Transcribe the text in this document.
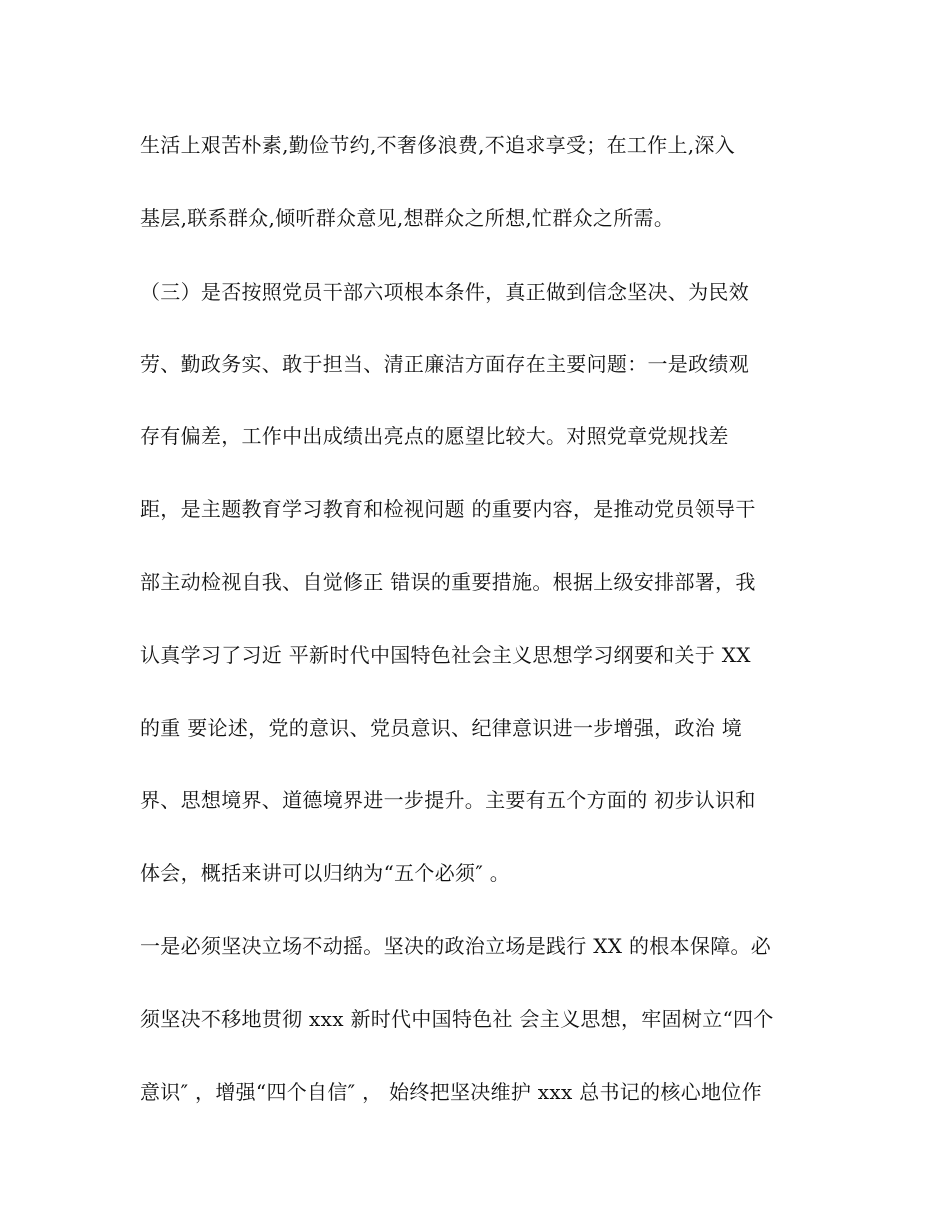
生活上艰苦朴素,勤俭节约,不奢侈浪费,不追求享受；在工作上,深入
基层,联系群众,倾听群众意见,想群众之所想,忙群众之所需。
（三）是否按照党员干部六项根本条件，真正做到信念坚决、为民效
劳、勤政务实、敢于担当、清正廉洁方面存在主要问题：一是政绩观
存有偏差，工作中出成绩出亮点的愿望比较大。对照党章党规找差
距，是主题教育学习教育和检视问题 的重要内容，是推动党员领导干
部主动检视自我、自觉修正 错误的重要措施。根据上级安排部署，我
认真学习了习近 平新时代中国特色社会主义思想学习纲要和关于 XX
的重 要论述，党的意识、党员意识、纪律意识进一步增强，政治 境
界、思想境界、道德境界进一步提升。主要有五个方面的 初步认识和
体会，概括来讲可以归纳为“五个必须″ 。
一是必须坚决立场不动摇。坚决的政治立场是践行 XX 的根本保障。必
须坚决不移地贯彻 xxx 新时代中国特色社 会主义思想，牢固树立“四个
意识″ ，增强“四个自信″ ， 始终把坚决维护 xxx 总书记的核心地位作
